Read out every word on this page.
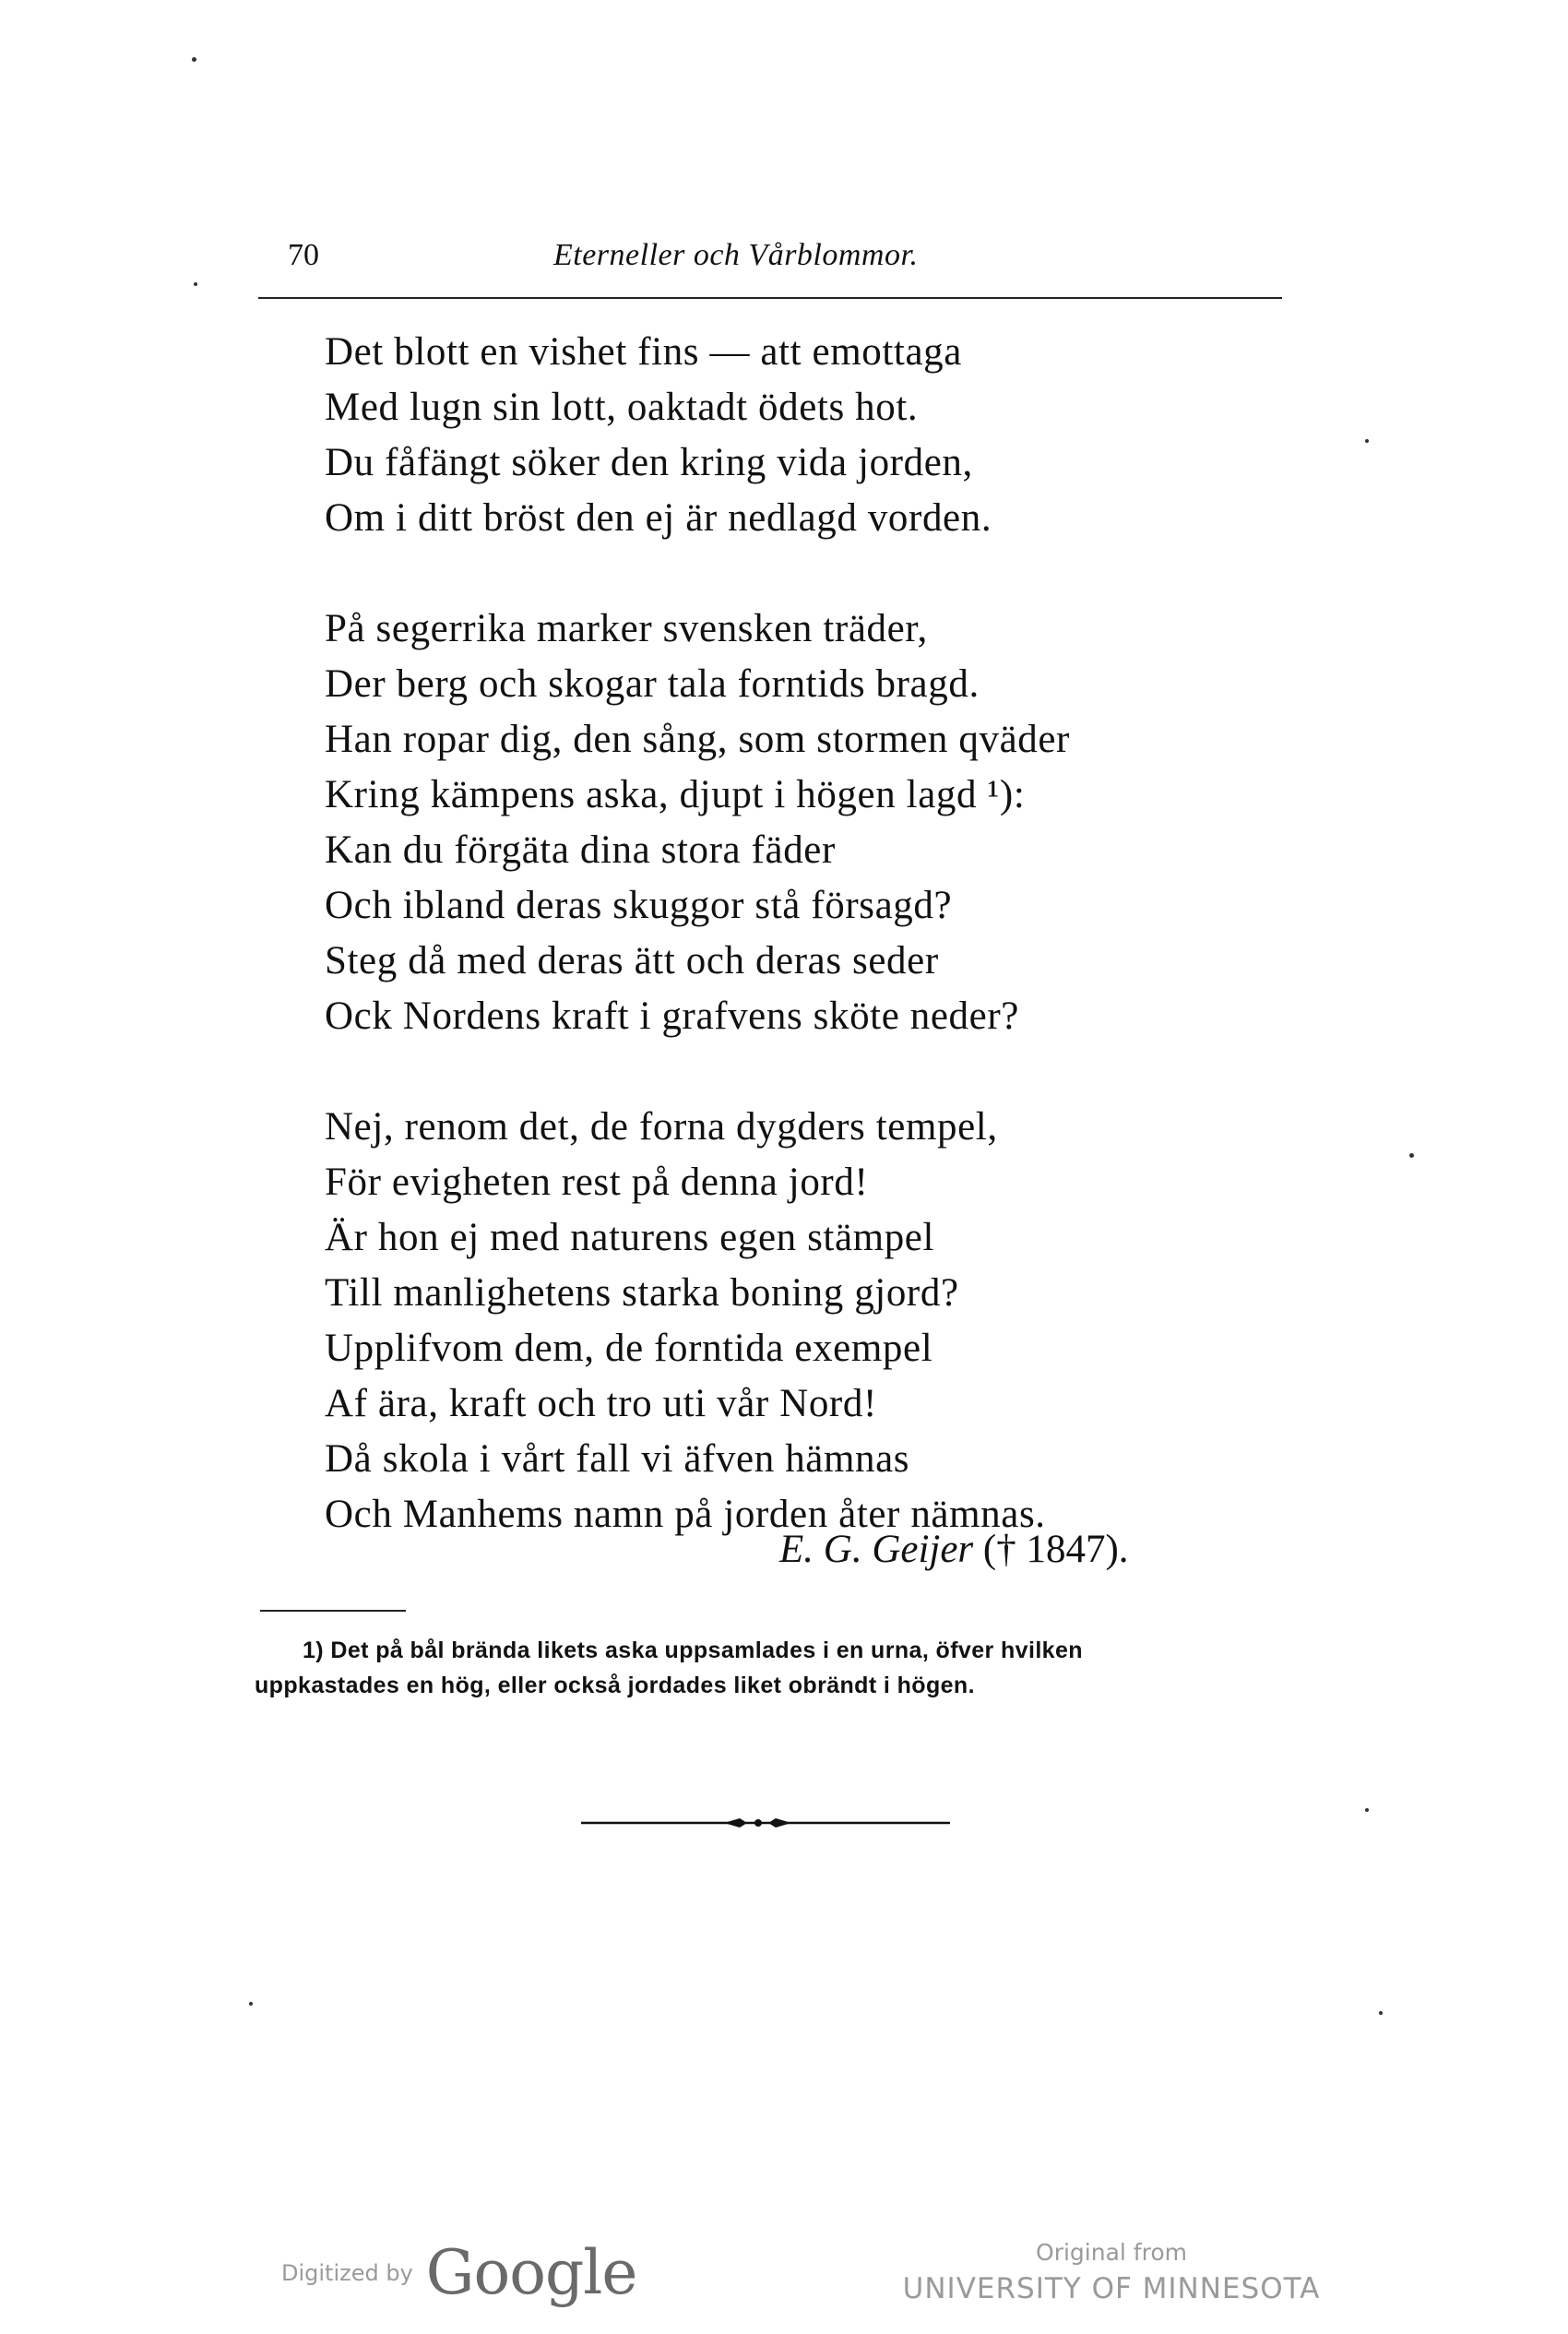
70	Eterneller och Vårblommor.
Det blott en vishet fins — att emottaga
Med lugn sin lott, oaktadt ödets hot.
Du fåfängt söker den kring vida jorden,
Om i ditt bröst den ej är nedlagd vorden.
På segerrika marker svensken träder,
Der berg och skogar tala forntids bragd.
Han ropar dig, den sång, som stormen qväder
Kring kämpens aska, djupt i högen lagd ¹):
Kan du förgäta dina stora fäder
Och ibland deras skuggor stå försagd?
Steg då med deras ätt och deras seder
Ock Nordens kraft i grafvens sköte neder?
Nej, renom det, de forna dygders tempel,
För evigheten rest på denna jord!
Är hon ej med naturens egen stämpel
Till manlighetens starka boning gjord?
Upplifvom dem, de forntida exempel
Af ära, kraft och tro uti vår Nord!
Då skola i vårt fall vi äfven hämnas
Och Manhems namn på jorden åter nämnas.
E. G. Geijer († 1847).
1) Det på bål brända likets aska uppsamlades i en urna, öfver hvilken
uppkastades en hög, eller också jordades liket obrändt i högen.
Digitized by Google	Original from
UNIVERSITY OF MINNESOTA
